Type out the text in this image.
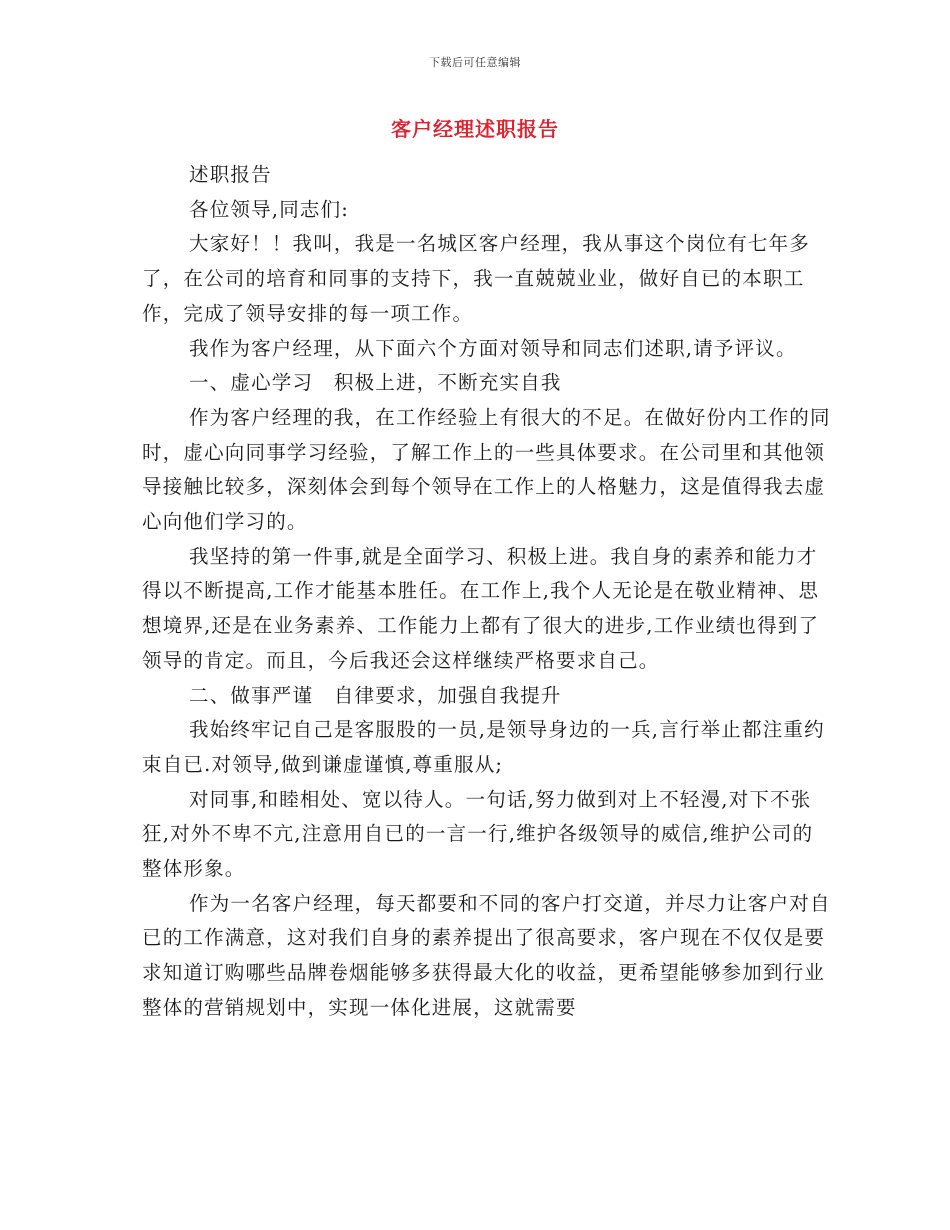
下载后可任意编辑
客户经理述职报告

述职报告

各位领导,同志们:

大家好！！我叫，我是一名城区客户经理，我从事这个岗位有七年多了，在公司的培育和同事的支持下，我一直兢兢业业，做好自已的本职工作，完成了领导安排的每一项工作。

我作为客户经理，从下面六个方面对领导和同志们述职,请予评议。

一、虚心学习　积极上进，不断充实自我

作为客户经理的我，在工作经验上有很大的不足。在做好份内工作的同时，虚心向同事学习经验，了解工作上的一些具体要求。在公司里和其他领导接触比较多，深刻体会到每个领导在工作上的人格魅力，这是值得我去虚心向他们学习的。

我坚持的第一件事,就是全面学习、积极上进。我自身的素养和能力才得以不断提高,工作才能基本胜任。在工作上,我个人无论是在敬业精神、思想境界,还是在业务素养、工作能力上都有了很大的进步,工作业绩也得到了领导的肯定。而且，今后我还会这样继续严格要求自己。

二、做事严谨　自律要求，加强自我提升

我始终牢记自己是客服股的一员,是领导身边的一兵,言行举止都注重约束自已.对领导,做到谦虚谨慎,尊重服从;

对同事,和睦相处、宽以待人。一句话,努力做到对上不轻漫,对下不张狂,对外不卑不亢,注意用自已的一言一行,维护各级领导的威信,维护公司的整体形象。

作为一名客户经理，每天都要和不同的客户打交道，并尽力让客户对自已的工作满意，这对我们自身的素养提出了很高要求，客户现在不仅仅是要求知道订购哪些品牌卷烟能够多获得最大化的收益，更希望能够参加到行业整体的营销规划中，实现一体化进展，这就需要
